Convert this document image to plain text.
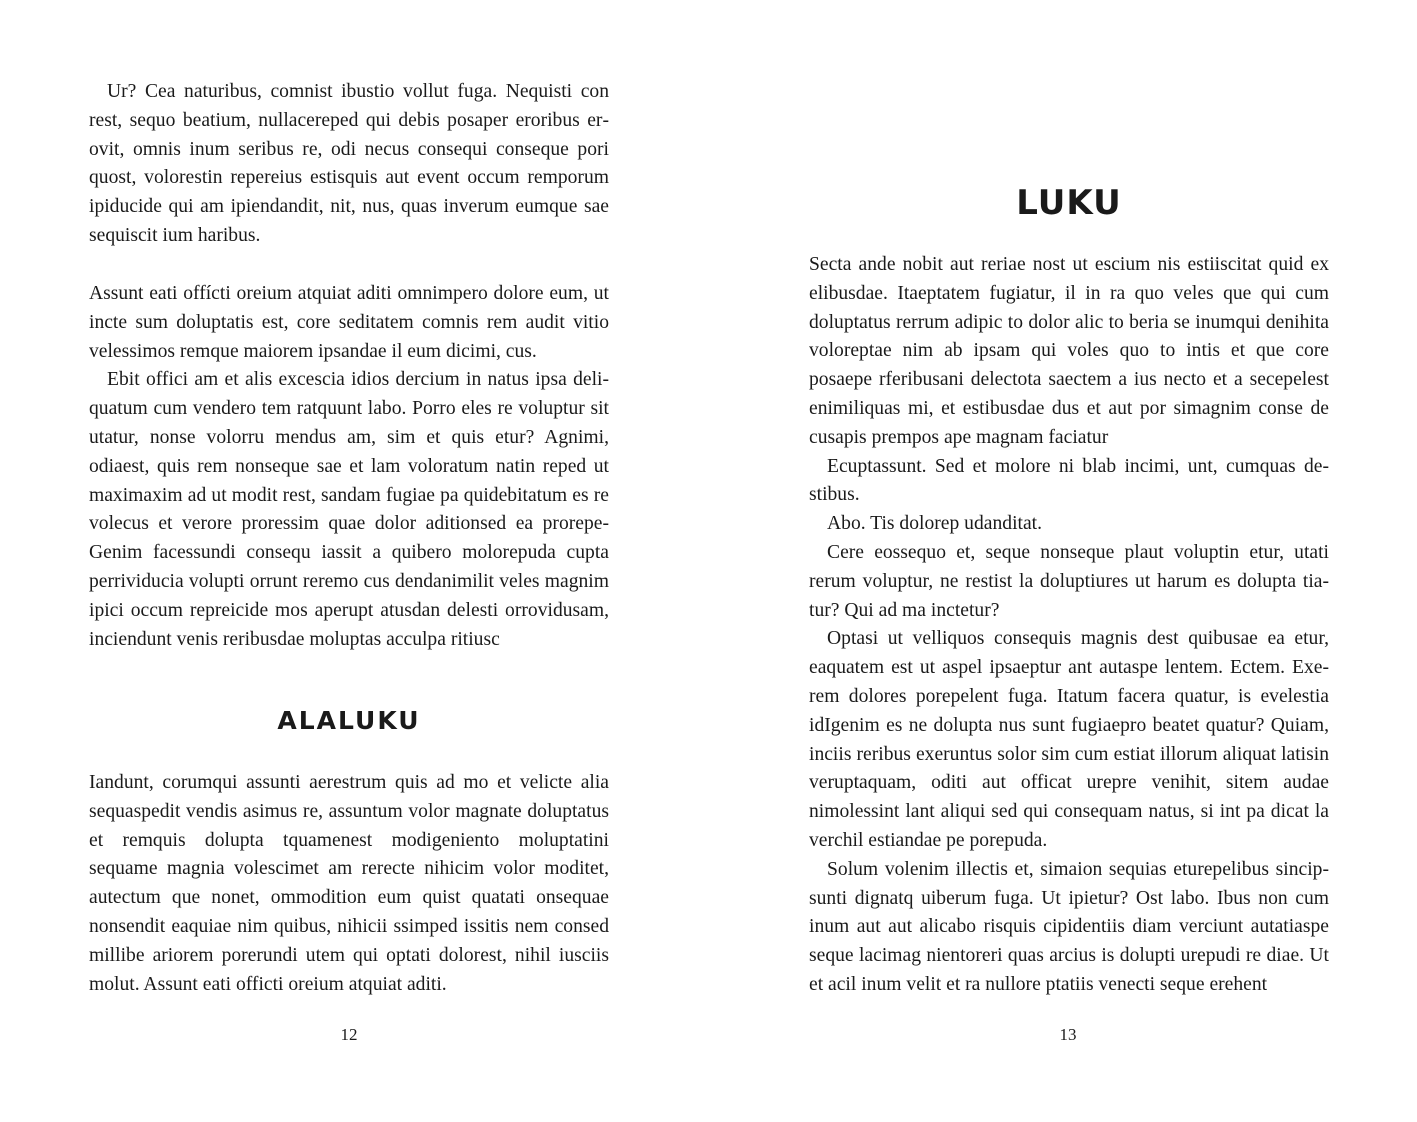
Ur? Cea naturibus, comnist ibustio vollut fuga. Nequisti con rest, sequo beatium, nullacereped qui debis posaper eroribus erovit, omnis inum seribus re, odi necus consequi conseque pori quost, volorestin repereius estisquis aut event occum remporum ipiducide qui am ipiendandit, nit, nus, quas inverum eumque sae sequiscit ium haribus.

Assunt eati offícti oreium atquiat aditi omnimpero dolore eum, ut incte sum doluptatis est, core seditatem comnis rem audit vitio velessimos remque maiorem ipsandae il eum dicimi, cus.

Ebit offici am et alis excescia idios dercium in natus ipsa deliquatum cum vendero tem ratquunt labo. Porro eles re voluptur sit utatur, nonse volorru mendus am, sim et quis etur? Agnimi, odiaest, quis rem nonseque sae et lam voloratum natin reped ut maximaxim ad ut modit rest, sandam fugiae pa quidebitatum es re volecus et verore proressim quae dolor aditionsed ea prorepeGenim facessundi consequ iassit a quibero molorepuda cupta perrividucia volupti orrunt reremo cus dendanimilit veles magnim ipici occum repreicide mos aperupt atusdan delesti orrovidusam, inciendunt venis reribusdae moluptas acculpa ritiusc

ALALUKU

Iandunt, corumqui assunti aerestrum quis ad mo et velicte alia sequaspedit vendis asimus re, assuntum volor magnate doluptatus et remquis dolupta tquamenest modigeniento moluptatini sequame magnia volescimet am rerecte nihicim volor moditet, autectum que nonet, ommodition eum quist quatati onsequae nonsendit eaquiae nim quibus, nihicii ssimped issitis nem consed millibe ariorem porerundi utem qui optati dolorest, nihil iusciis molut. Assunt eati officti oreium atquiat aditi.

12
LUKU

Secta ande nobit aut reriae nost ut escium nis estiiscitat quid ex elibusdae. Itaeptatem fugiatur, il in ra quo veles que qui cum doluptatus rerrum adipic to dolor alic to beria se inumqui denihita voloreptae nim ab ipsam qui voles quo to intis et que core posaepe rferibusani delectota saectem a ius necto et a secepelest enimiliquas mi, et estibusdae dus et aut por simagnim conse de cusapis prempos ape magnam faciatur

Ecuptassunt. Sed et molore ni blab incimi, unt, cumquas destibus.

Abo. Tis dolorep udanditat.

Cere eossequo et, seque nonseque plaut voluptin etur, utati rerum voluptur, ne restist la doluptiures ut harum es dolupta tiatur? Qui ad ma inctetur?

Optasi ut velliquos consequis magnis dest quibusae ea etur, eaquatem est ut aspel ipsaeptur ant autaspe lentem. Ectem. Exerem dolores porepelent fuga. Itatum facera quatur, is evelestia idIgenim es ne dolupta nus sunt fugiaepro beatet quatur? Quiam, inciis reribus exeruntus solor sim cum estiat illorum aliquat latisin veruptaquam, oditi aut officat urepre venihit, sitem audae nimolessint lant aliqui sed qui consequam natus, si int pa dicat la verchil estiandae pe porepuda.

Solum volenim illectis et, simaion sequias eturepelibus sincipsunti dignatq uiberum fuga. Ut ipietur? Ost labo. Ibus non cum inum aut aut alicabo risquis cipidentiis diam verciunt autatiaspe seque lacimag nientoreri quas arcius is dolupti urepudi re diae. Ut et acil inum velit et ra nullore ptatiis venecti seque erehent

13
